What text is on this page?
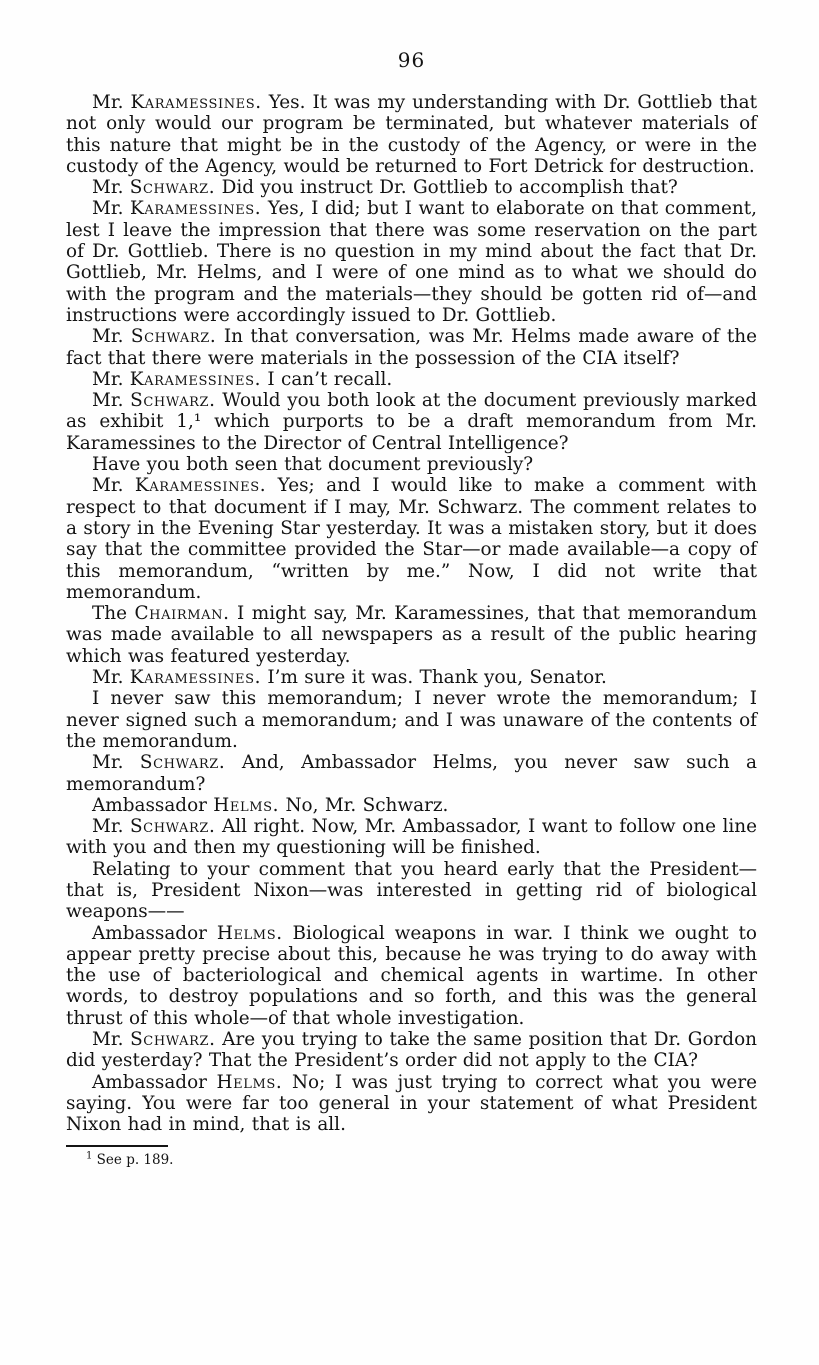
96

Mr. Karamessines. Yes. It was my understanding with Dr. Gottlieb that not only would our program be terminated, but whatever materials of this nature that might be in the custody of the Agency, or were in the custody of the Agency, would be returned to Fort Detrick for destruction.

Mr. Schwarz. Did you instruct Dr. Gottlieb to accomplish that?

Mr. Karamessines. Yes, I did; but I want to elaborate on that comment, lest I leave the impression that there was some reservation on the part of Dr. Gottlieb. There is no question in my mind about the fact that Dr. Gottlieb, Mr. Helms, and I were of one mind as to what we should do with the program and the materials—they should be gotten rid of—and instructions were accordingly issued to Dr. Gottlieb.

Mr. Schwarz. In that conversation, was Mr. Helms made aware of the fact that there were materials in the possession of the CIA itself?

Mr. Karamessines. I can’t recall.

Mr. Schwarz. Would you both look at the document previously marked as exhibit 1,¹ which purports to be a draft memorandum from Mr. Karamessines to the Director of Central Intelligence?

Have you both seen that document previously?

Mr. Karamessines. Yes; and I would like to make a comment with respect to that document if I may, Mr. Schwarz. The comment relates to a story in the Evening Star yesterday. It was a mistaken story, but it does say that the committee provided the Star—or made available—a copy of this memorandum, “written by me.” Now, I did not write that memorandum.

The Chairman. I might say, Mr. Karamessines, that that memorandum was made available to all newspapers as a result of the public hearing which was featured yesterday.

Mr. Karamessines. I’m sure it was. Thank you, Senator.

I never saw this memorandum; I never wrote the memorandum; I never signed such a memorandum; and I was unaware of the contents of the memorandum.

Mr. Schwarz. And, Ambassador Helms, you never saw such a memorandum?

Ambassador Helms. No, Mr. Schwarz.

Mr. Schwarz. All right. Now, Mr. Ambassador, I want to follow one line with you and then my questioning will be finished.

Relating to your comment that you heard early that the President—that is, President Nixon—was interested in getting rid of biological weapons——

Ambassador Helms. Biological weapons in war. I think we ought to appear pretty precise about this, because he was trying to do away with the use of bacteriological and chemical agents in wartime. In other words, to destroy populations and so forth, and this was the general thrust of this whole—of that whole investigation.

Mr. Schwarz. Are you trying to take the same position that Dr. Gordon did yesterday? That the President’s order did not apply to the CIA?

Ambassador Helms. No; I was just trying to correct what you were saying. You were far too general in your statement of what President Nixon had in mind, that is all.

$^1$ See p. 189.
